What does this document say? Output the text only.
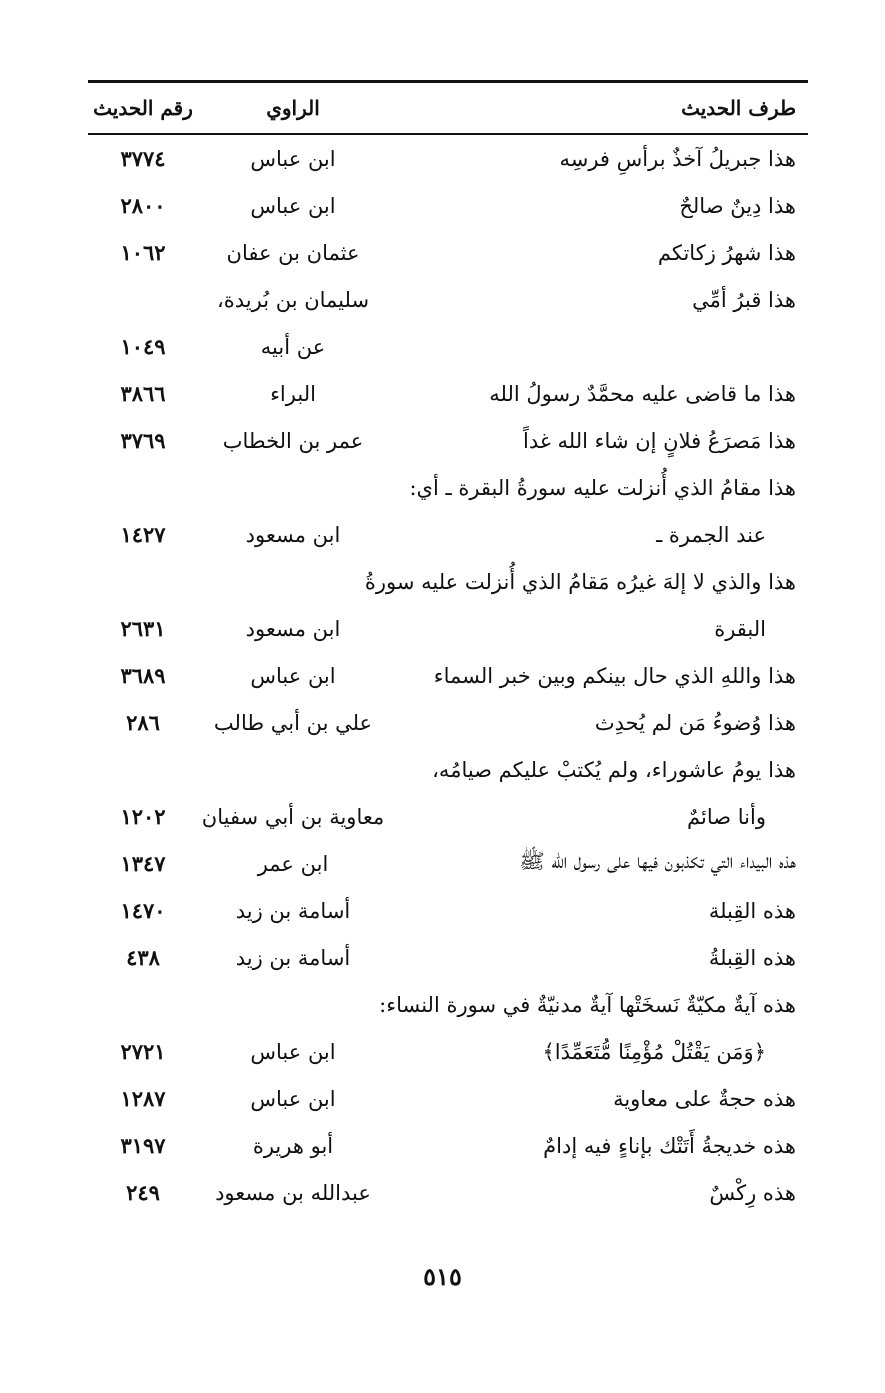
طرف الحديث
الراوي
رقم الحديث
هذا جبريلُ آخذٌ برأسِ فرسِه
ابن عباس
٣٧٧٤
هذا دِينٌ صالحٌ
ابن عباس
٢٨٠٠
هذا شهرُ زكاتكم
عثمان بن عفان
١٠٦٢
هذا قبرُ أمِّي
سليمان بن بُريدة،
عن أبيه
١٠٤٩
هذا ما قاضى عليه محمَّدٌ رسولُ الله
البراء
٣٨٦٦
هذا مَصرَعُ فلانٍ إن شاء الله غداً
عمر بن الخطاب
٣٧٦٩
هذا مقامُ الذي أُنزلت عليه سورةُ البقرة ـ أي:
عند الجمرة ـ
ابن مسعود
١٤٢٧
هذا والذي لا إلهَ غيرُه مَقامُ الذي أُنزلت عليه سورةُ
البقرة
ابن مسعود
٢٦٣١
هذا واللهِ الذي حال بينكم وبين خبر السماء
ابن عباس
٣٦٨٩
هذا وُضوءُ مَن لم يُحدِث
علي بن أبي طالب
٢٨٦
هذا يومُ عاشوراء، ولم يُكتبْ عليكم صيامُه،
وأنا صائمٌ
معاوية بن أبي سفيان
١٢٠٢
هذه البيداء التي تكذبون فيها على رسول الله ﷺ
ابن عمر
١٣٤٧
هذه القِبلة
أسامة بن زيد
١٤٧٠
هذه القِبلةُ
أسامة بن زيد
٤٣٨
هذه آيةٌ مكيّةٌ نَسخَتْها آيةٌ مدنيّةٌ في سورة النساء:
﴿وَمَن يَقْتُلْ مُؤْمِنًا مُّتَعَمِّدًا﴾
ابن عباس
٢٧٢١
هذه حجةٌ على معاوية
ابن عباس
١٢٨٧
هذه خديجةُ أَتَتْك بإناءٍ فيه إدامٌ
أبو هريرة
٣١٩٧
هذه رِكْسٌ
عبدالله بن مسعود
٢٤٩
٥١٥
